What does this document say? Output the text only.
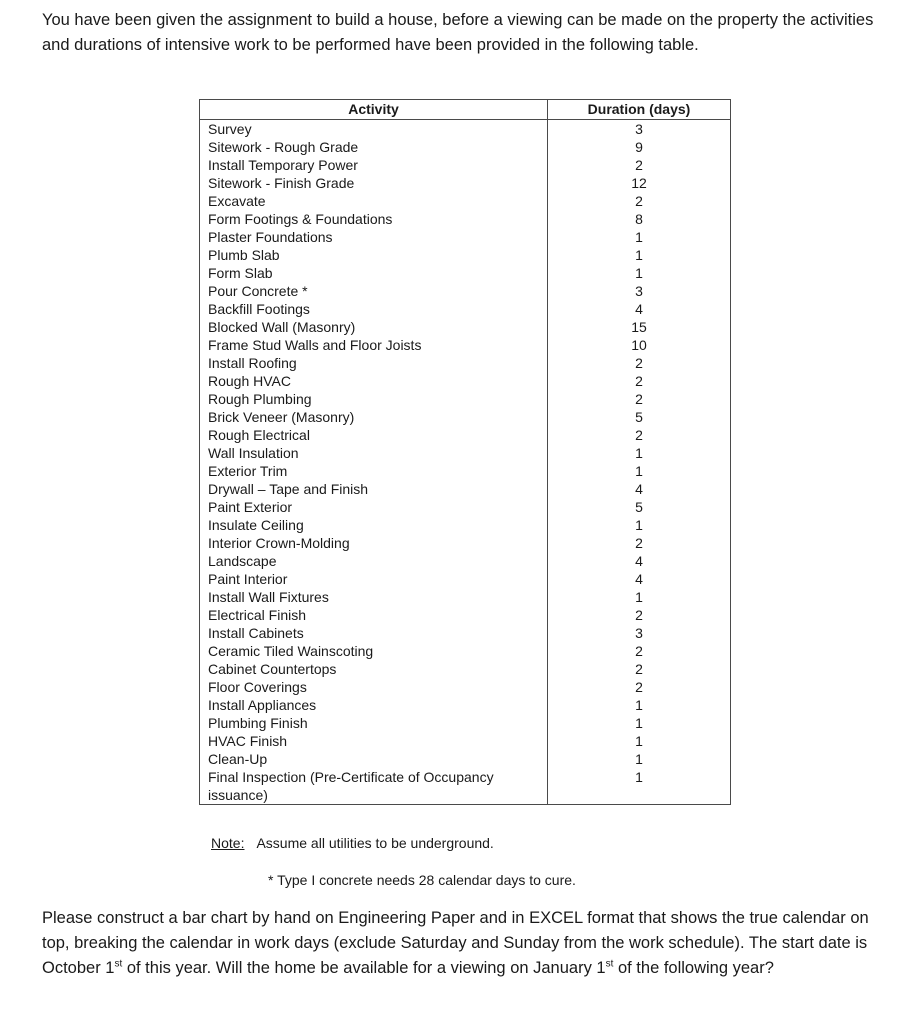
You have been given the assignment to build a house, before a viewing can be made on the property the activities and durations of intensive work to be performed have been provided in the following table.

Activity	Duration (days)
Survey	3
Sitework - Rough Grade	9
Install Temporary Power	2
Sitework - Finish Grade	12
Excavate	2
Form Footings & Foundations	8
Plaster Foundations	1
Plumb Slab	1
Form Slab	1
Pour Concrete *	3
Backfill Footings	4
Blocked Wall (Masonry)	15
Frame Stud Walls and Floor Joists	10
Install Roofing	2
Rough HVAC	2
Rough Plumbing	2
Brick Veneer (Masonry)	5
Rough Electrical	2
Wall Insulation	1
Exterior Trim	1
Drywall – Tape and Finish	4
Paint Exterior	5
Insulate Ceiling	1
Interior Crown-Molding	2
Landscape	4
Paint Interior	4
Install Wall Fixtures	1
Electrical Finish	2
Install Cabinets	3
Ceramic Tiled Wainscoting	2
Cabinet Countertops	2
Floor Coverings	2
Install Appliances	1
Plumbing Finish	1
HVAC Finish	1
Clean-Up	1
Final Inspection (Pre-Certificate of Occupancy issuance)	1
Note: Assume all utilities to be underground.
* Type I concrete needs 28 calendar days to cure.

Please construct a bar chart by hand on Engineering Paper and in EXCEL format that shows the true calendar on top, breaking the calendar in work days (exclude Saturday and Sunday from the work schedule). The start date is October 1st of this year. Will the home be available for a viewing on January 1st of the following year?
